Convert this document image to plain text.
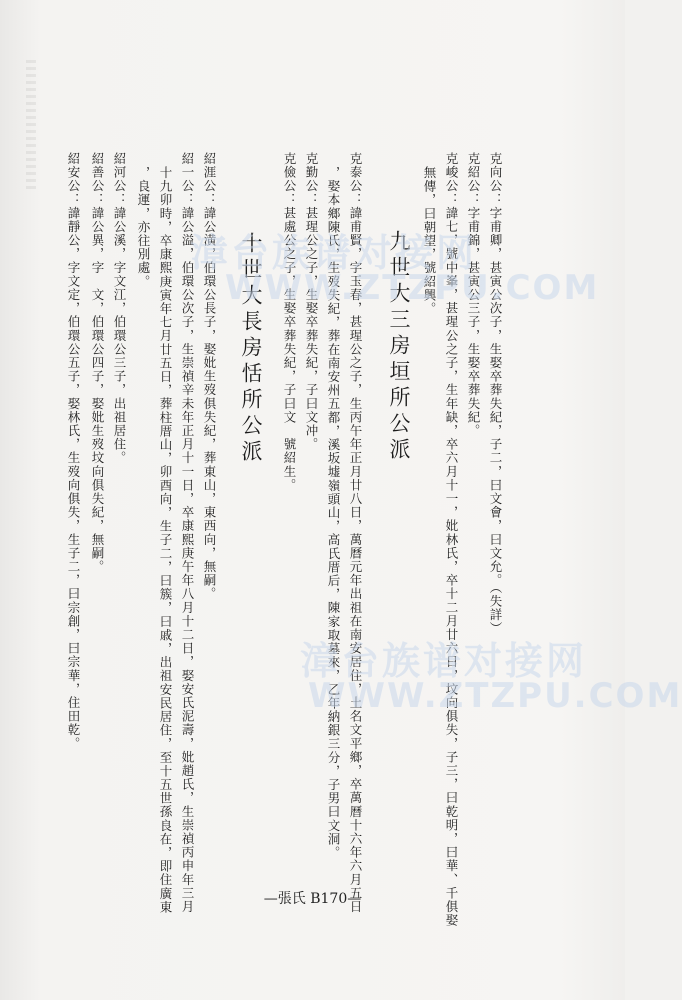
克向公：字甫卿，甚寅公次子，生娶卒葬失紀，子二，曰文會，曰文允。（失詳）
克紹公：字甫錦，甚寅公三子，生娶卒葬失紀。
克峻公：諱七，號中峯，甚瑆公之子，生年缺，卒六月十一，妣林氏，卒十二月廿六日，坟向俱失，子三，曰乾明，曰華、千俱娶
無傳，曰朝望，號紹興。
九世大三房垣所公派
克泰公：諱甫賢，字玉春，甚瑆公之子，生丙午年正月廿八日，萬曆元年出祖在南安居住，土名文平鄉，卒萬曆十六年六月五日
，娶本鄉陳氏，生歿失紀，葬在南安州五都，溪坂墟嶺頭山，高氏厝后，陳家取墓來，乙年納銀三分，子男曰文洞。
克勤公：甚瑆公之子，生娶卒葬失紀，子曰文冲。
克儉公：甚處公之子，生娶卒葬失紀，子曰文　號紹生。
十世大長房恬所公派
紹涯公：諱公潢，伯環公長子，娶妣生歿俱失紀，葬東山，東西向，無嗣。
紹一公：諱公溢，伯環公次子，生崇禎辛未年正月十一日，卒康熙庚午年八月十二日，娶安氏泥壽，妣趙氏，生崇禎丙申年三月
十九卯時，卒康熙庚寅年七月廿五日，葬柱厝山，卯酉向，生子二，曰簇，曰戚，出祖安民居住，至十五世孫良在，即住廣東
，良運，亦往別處。
紹河公：諱公溪，字文江，伯環公三子，出祖居住。
紹善公：諱公異，字　文，伯環公四子，娶妣生歿坟向俱失紀，無嗣。
紹安公：諱靜公，字文定，伯環公五子，娶林氏，生歿向俱失，生子二，曰宗創，曰宗華，住田乾。	漳台族谱对接网
WWW.ZTZPU.COM
漳台族谱对接网
WWW.ZTZPU.COM
—張氏 B170—
